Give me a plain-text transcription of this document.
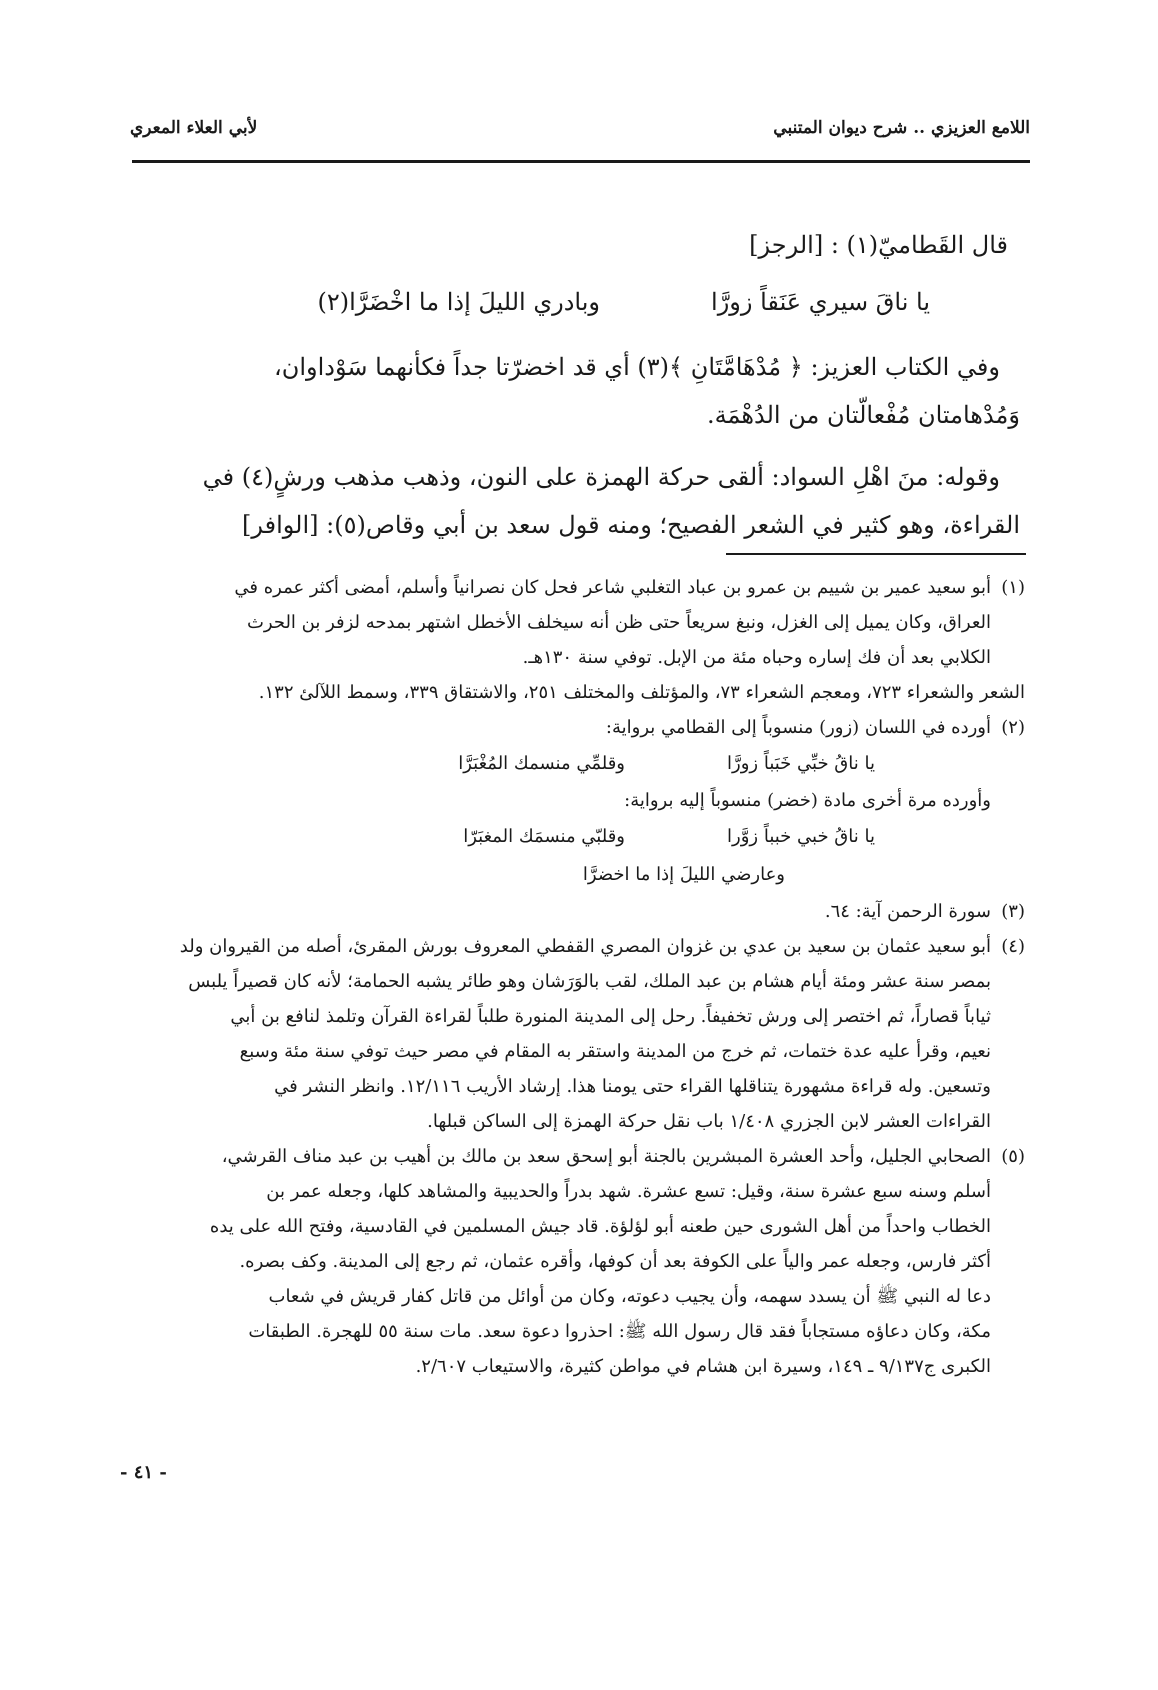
اللامع العزيزي .. شرح ديوان المتنبي
لأبي العلاء المعري

قال القَطاميّ(١) : [الرجز]

يا ناقَ سيري عَنَقاً زورَّا
وبادري الليلَ إذا ما اخْضَرَّا(٢)

وفي الكتاب العزيز: ﴿ مُدْهَامَّتَانِ ﴾(٣) أي قد اخضرّتا جداً فكأنهما سَوْداوان،

وَمُدْهامتان مُفْعالّتان من الدُهْمَة.

وقوله: منَ اهْلِ السواد: ألقى حركة الهمزة على النون، وذهب مذهب ورشٍ(٤) في

القراءة، وهو كثير في الشعر الفصيح؛ ومنه قول سعد بن أبي وقاص(٥): [الوافر]

(١)أبو سعيد عمير بن شييم بن عمرو بن عباد التغلبي شاعر فحل كان نصرانياً وأسلم، أمضى أكثر عمره في

العراق، وكان يميل إلى الغزل، ونبغ سريعاً حتى ظن أنه سيخلف الأخطل اشتهر بمدحه لزفر بن الحرث

الكلابي بعد أن فك إساره وحباه مئة من الإبل. توفي سنة ١٣٠هـ.

الشعر والشعراء ٧٢٣، ومعجم الشعراء ٧٣، والمؤتلف والمختلف ٢٥١، والاشتقاق ٣٣٩، وسمط اللآلئ ١٣٢.

(٢)أورده في اللسان (زور) منسوباً إلى القطامي برواية:

يا ناقُ خبِّي خَبَباً زورَّا
وقلمِّي منسمك المُغْبَرَّا

وأورده مرة أخرى مادة (خضر) منسوباً إليه برواية:

يا ناقُ خبي خبباً زوَّرا
وقلبّي منسمَك المغبَرّا
وعارضي الليلَ إذا ما اخضرَّا

(٣)سورة الرحمن آية: ٦٤.

(٤)أبو سعيد عثمان بن سعيد بن عدي بن غزوان المصري القفطي المعروف بورش المقرئ، أصله من القيروان ولد

بمصر سنة عشر ومئة أيام هشام بن عبد الملك، لقب بالوَرَشان وهو طائر يشبه الحمامة؛ لأنه كان قصيراً يلبس

ثياباً قصاراً، ثم اختصر إلى ورش تخفيفاً. رحل إلى المدينة المنورة طلباً لقراءة القرآن وتلمذ لنافع بن أبي

نعيم، وقرأ عليه عدة ختمات، ثم خرج من المدينة واستقر به المقام في مصر حيث توفي سنة مئة وسبع

وتسعين. وله قراءة مشهورة يتناقلها القراء حتى يومنا هذا. إرشاد الأريب ١٢/١١٦. وانظر النشر في

القراءات العشر لابن الجزري ١/٤٠٨ باب نقل حركة الهمزة إلى الساكن قبلها.

(٥)الصحابي الجليل، وأحد العشرة المبشرين بالجنة أبو إسحق سعد بن مالك بن أهيب بن عبد مناف القرشي،

أسلم وسنه سبع عشرة سنة، وقيل: تسع عشرة. شهد بدراً والحديبية والمشاهد كلها، وجعله عمر بن

الخطاب واحداً من أهل الشورى حين طعنه أبو لؤلؤة. قاد جيش المسلمين في القادسية، وفتح الله على يده

أكثر فارس، وجعله عمر والياً على الكوفة بعد أن كوفها، وأقره عثمان، ثم رجع إلى المدينة. وكف بصره.

دعا له النبي ﷺ أن يسدد سهمه، وأن يجيب دعوته، وكان من أوائل من قاتل كفار قريش في شعاب

مكة، وكان دعاؤه مستجاباً فقد قال رسول الله ﷺ: احذروا دعوة سعد. مات سنة ٥٥ للهجرة. الطبقات

الكبرى ج٩/١٣٧ ـ ١٤٩، وسيرة ابن هشام في مواطن كثيرة، والاستيعاب ٢/٦٠٧.

- ٤١ -
